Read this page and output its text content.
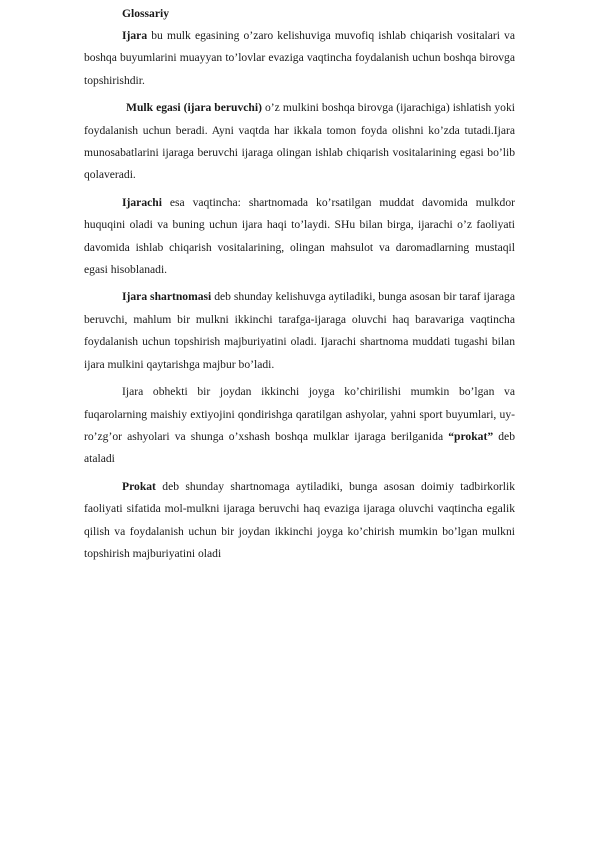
Glossariy

Ijara bu mulk egasining o’zaro kelishuviga muvofiq ishlab chiqarish vositalari va boshqa buyumlarini muayyan to’lovlar evaziga vaqtincha foydalanish uchun boshqa birovga topshirishdir.

Mulk egasi (ijara beruvchi) o’z mulkini boshqa birovga (ijarachiga) ishlatish yoki foydalanish uchun beradi. Ayni vaqtda har ikkala tomon foyda olishni ko’zda tutadi.Ijara munosabatlarini ijaraga beruvchi ijaraga olingan ishlab chiqarish vositalarining egasi bo’lib qolaveradi.

Ijarachi esa vaqtincha: shartnomada ko’rsatilgan muddat davomida mulkdor huquqini oladi va buning uchun ijara haqi to’laydi. SHu bilan birga, ijarachi o’z faoliyati davomida ishlab chiqarish vositalarining, olingan mahsulot va daromadlarning mustaqil egasi hisoblanadi.

Ijara shartnomasi deb shunday kelishuvga aytiladiki, bunga asosan bir taraf ijaraga beruvchi, mahlum bir mulkni ikkinchi tarafga-ijaraga oluvchi haq baravariga vaqtincha foydalanish uchun topshirish majburiyatini oladi. Ijarachi shartnoma muddati tugashi bilan ijara mulkini qaytarishga majbur bo’ladi.

Ijara obhekti bir joydan ikkinchi joyga ko’chirilishi mumkin bo’lgan va fuqarolarning maishiy extiyojini qondirishga qaratilgan ashyolar, yahni sport buyumlari, uy-ro’zg’or ashyolari va shunga o’xshash boshqa mulklar ijaraga berilganida “prokat” deb ataladi

Prokat deb shunday shartnomaga aytiladiki, bunga asosan doimiy tadbirkorlik faoliyati sifatida mol-mulkni ijaraga beruvchi haq evaziga ijaraga oluvchi vaqtincha egalik qilish va foydalanish uchun bir joydan ikkinchi joyga ko’chirish mumkin bo’lgan mulkni topshirish majburiyatini oladi
